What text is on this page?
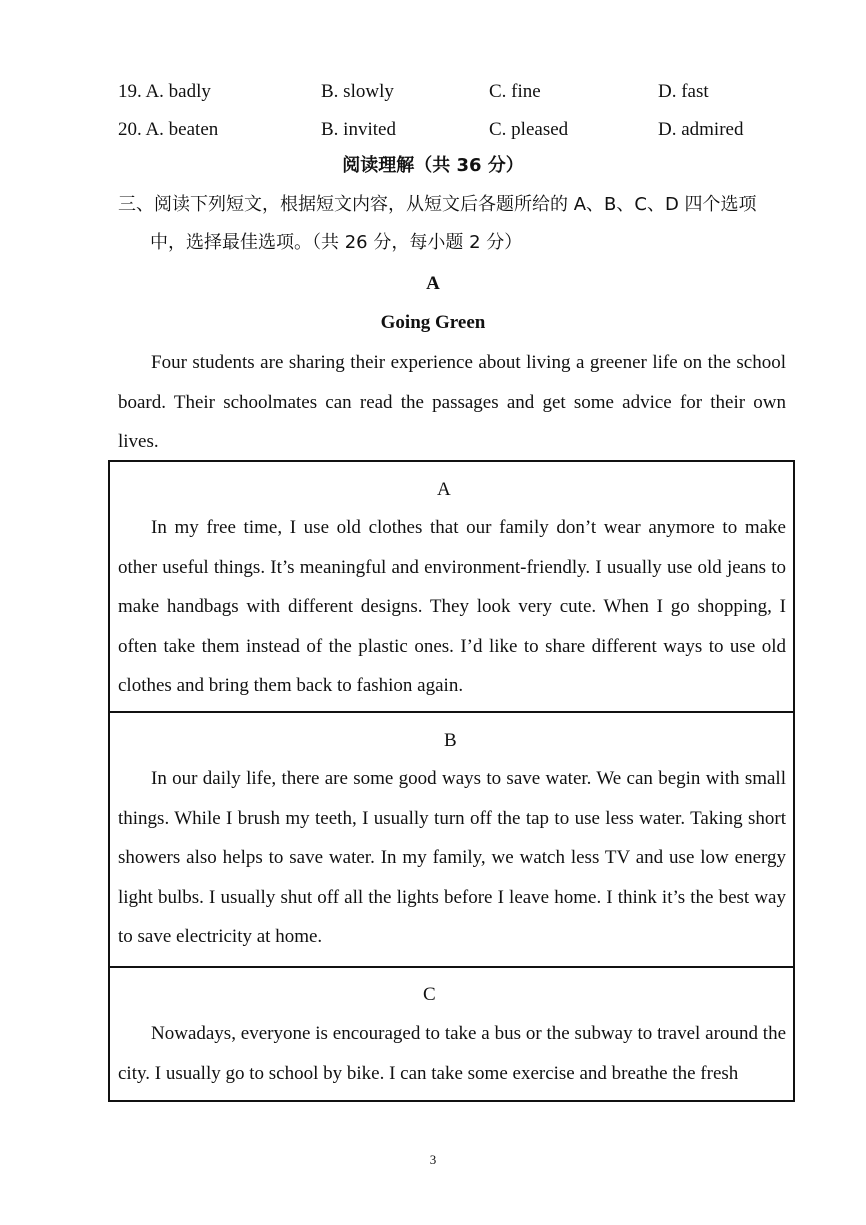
19. A. badly	B. slowly	C. fine	D. fast
20. A. beaten	B. invited	C. pleased	D. admired
阅读理解（共 36 分）
三、阅读下列短文，根据短文内容，从短文后各题所给的 A、B、C、D 四个选项
中，选择最佳选项。（共 26 分，每小题 2 分）
A
Going Green
Four students are sharing their experience about living a greener life on the school board. Their schoolmates can read the passages and get some advice for their own lives.
A
In my free time, I use old clothes that our family don’t wear anymore to make other useful things. It’s meaningful and environment-friendly. I usually use old jeans to make handbags with different designs. They look very cute. When I go shopping, I often take them instead of the plastic ones. I’d like to share different ways to use old clothes and bring them back to fashion again.
B
In our daily life, there are some good ways to save water. We can begin with small things. While I brush my teeth, I usually turn off the tap to use less water. Taking short showers also helps to save water. In my family, we watch less TV and use low energy light bulbs. I usually shut off all the lights before I leave home. I think it’s the best way to save electricity at home.
C
Nowadays, everyone is encouraged to take a bus or the subway to travel around the city. I usually go to school by bike. I can take some exercise and breathe the fresh
3
